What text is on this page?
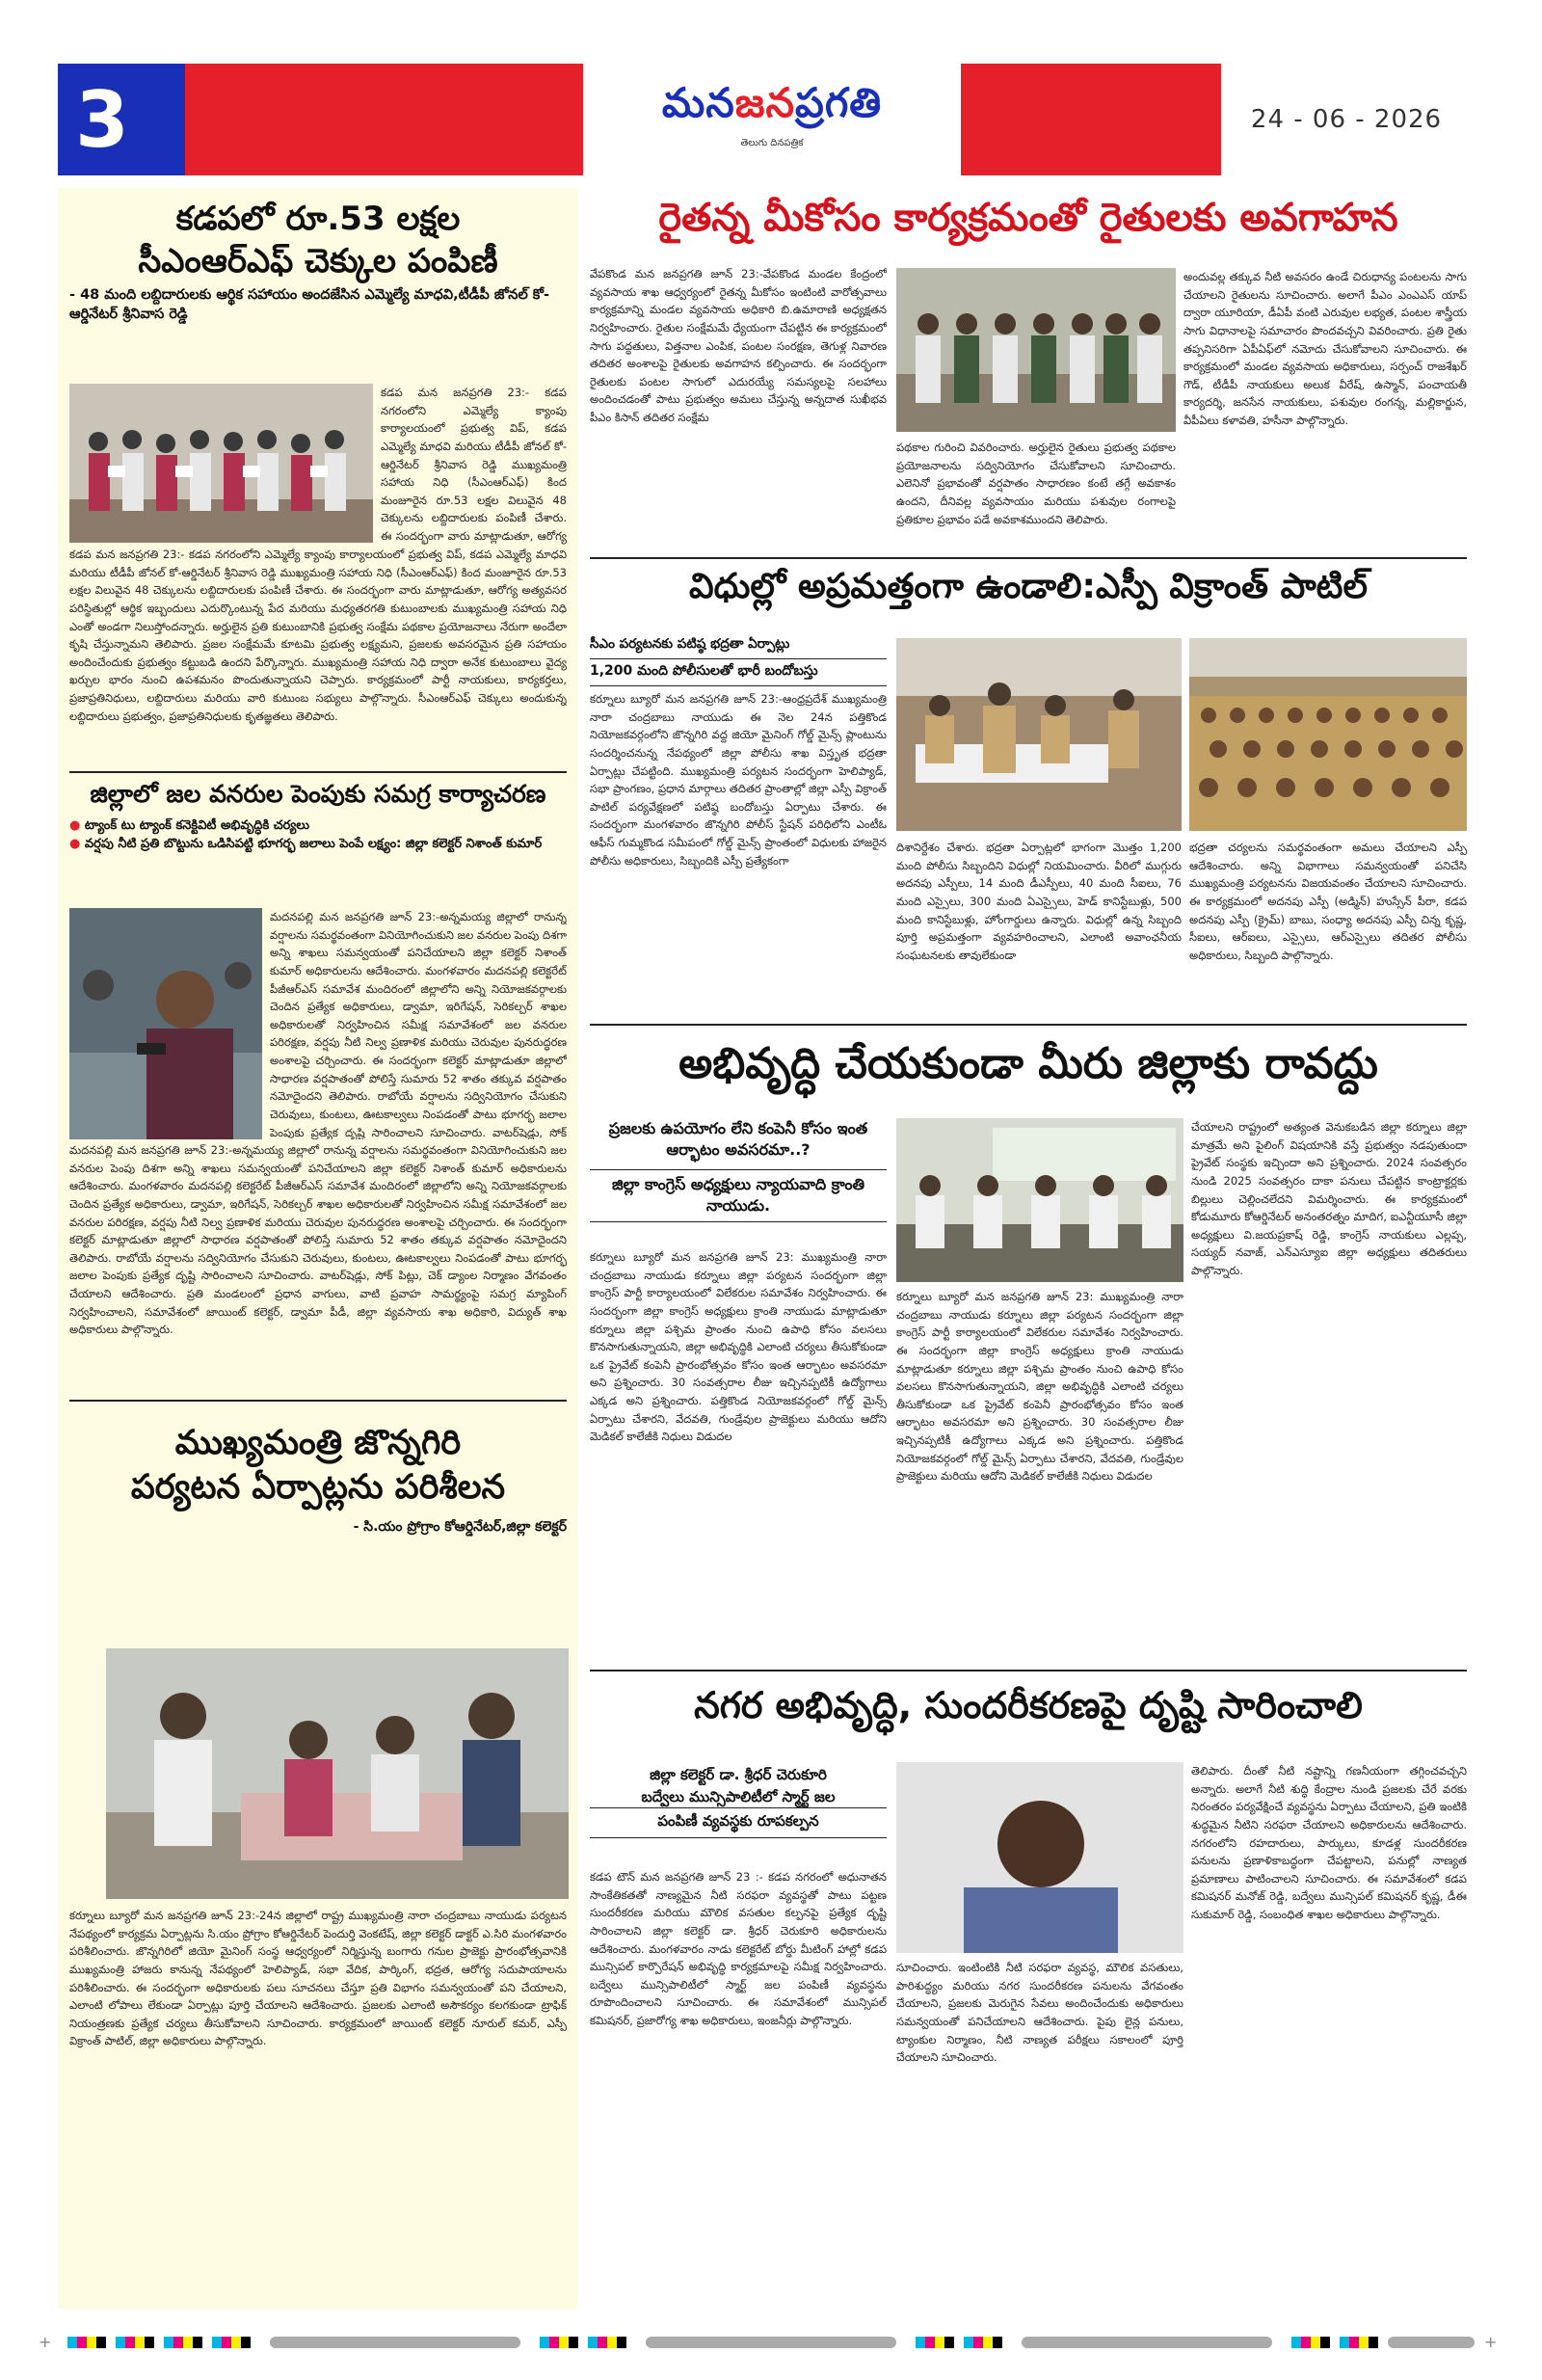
3	మనజనప్రగతి
తెలుగు దినపత్రిక
24 - 06 - 2026
కడపలో రూ.53 లక్షల
సీఎంఆర్ఎఫ్ చెక్కుల పంపిణీ
- 48 మంది లబ్దిదారులకు ఆర్థిక సహాయం అందజేసిన ఎమ్మెల్యే మాధవి,టీడీపీ జోనల్ కో-ఆర్డినేటర్ శ్రీనివాస రెడ్డి
కడప మన జనప్రగతి 23:- కడప నగరంలోని ఎమ్మెల్యే క్యాంపు కార్యాలయంలో ప్రభుత్వ విప్, కడప ఎమ్మెల్యే మాధవి మరియు టీడీపీ జోనల్ కో-ఆర్డినేటర్ శ్రీనివాస రెడ్డి ముఖ్యమంత్రి సహాయ నిధి (సీఎంఆర్ఎఫ్) కింద మంజూరైన రూ.53 లక్షల విలువైన 48 చెక్కులను లబ్దిదారులకు పంపిణీ చేశారు. ఈ సందర్భంగా వారు మాట్లాడుతూ, ఆరోగ్య
కడప మన జనప్రగతి 23:- కడప నగరంలోని ఎమ్మెల్యే క్యాంపు కార్యాలయంలో ప్రభుత్వ విప్, కడప ఎమ్మెల్యే మాధవి మరియు టీడీపీ జోనల్ కో-ఆర్డినేటర్ శ్రీనివాస రెడ్డి ముఖ్యమంత్రి సహాయ నిధి (సీఎంఆర్ఎఫ్) కింద మంజూరైన రూ.53 లక్షల విలువైన 48 చెక్కులను లబ్దిదారులకు పంపిణీ చేశారు. ఈ సందర్భంగా వారు మాట్లాడుతూ, ఆరోగ్య అత్యవసర పరిస్థితుల్లో ఆర్థిక ఇబ్బందులు ఎదుర్కొంటున్న పేద మరియు మధ్యతరగతి కుటుంబాలకు ముఖ్యమంత్రి సహాయ నిధి ఎంతో అండగా నిలుస్తోందన్నారు. అర్హులైన ప్రతి కుటుంబానికి ప్రభుత్వ సంక్షేమ పథకాల ప్రయోజనాలు నేరుగా అందేలా కృషి చేస్తున్నామని తెలిపారు. ప్రజల సంక్షేమమే కూటమి ప్రభుత్వ లక్ష్యమని, ప్రజలకు అవసరమైన ప్రతి సహాయం అందించేందుకు ప్రభుత్వం కట్టుబడి ఉందని పేర్కొన్నారు. ముఖ్యమంత్రి సహాయ నిధి ద్వారా అనేక కుటుంబాలు వైద్య ఖర్చుల భారం నుంచి ఉపశమనం పొందుతున్నాయని చెప్పారు. కార్యక్రమంలో పార్టీ నాయకులు, కార్యకర్తలు, ప్రజాప్రతినిధులు, లబ్దిదారులు మరియు వారి కుటుంబ సభ్యులు పాల్గొన్నారు. సీఎంఆర్ఎఫ్ చెక్కులు అందుకున్న లబ్దిదారులు ప్రభుత్వం, ప్రజాప్రతినిధులకు కృతజ్ఞతలు తెలిపారు.
జిల్లాలో జల వనరుల పెంపుకు సమగ్ర కార్యాచరణ
● ట్యాంక్ టు ట్యాంక్ కనెక్టివిటీ అభివృద్ధికి చర్యలు
● వర్షపు నీటి ప్రతి బొట్టును ఒడిసిపట్టి భూగర్భ జలాలు పెంపే లక్ష్యం: జిల్లా కలెక్టర్ నిశాంత్ కుమార్
మదనపల్లి మన జనప్రగతి జూన్ 23:-అన్నమయ్య జిల్లాలో రానున్న వర్షాలను సమర్థవంతంగా వినియోగించుకుని జల వనరుల పెంపు దిశగా అన్ని శాఖలు సమన్వయంతో పనిచేయాలని జిల్లా కలెక్టర్ నిశాంత్ కుమార్ అధికారులను ఆదేశించారు. మంగళవారం మదనపల్లి కలెక్టరేట్ పీజీఆర్ఎస్ సమావేశ మందిరంలో జిల్లాలోని అన్ని నియోజకవర్గాలకు చెందిన ప్రత్యేక అధికారులు, డ్వామా, ఇరిగేషన్, సెరికల్చర్ శాఖల అధికారులతో నిర్వహించిన సమీక్ష సమావేశంలో జల వనరుల పరిరక్షణ, వర్షపు నీటి నిల్వ ప్రణాళిక మరియు చెరువుల పునరుద్ధరణ అంశాలపై చర్చించారు. ఈ సందర్భంగా కలెక్టర్ మాట్లాడుతూ జిల్లాలో సాధారణ వర్షపాతంతో పోలిస్తే సుమారు 52 శాతం తక్కువ వర్షపాతం నమోదైందని తెలిపారు. రాబోయే వర్షాలను సద్వినియోగం చేసుకుని చెరువులు, కుంటలు, ఊటకాల్వలు నింపడంతో పాటు భూగర్భ జలాల పెంపుకు ప్రత్యేక దృష్టి సారించాలని సూచించారు. వాటర్‌షెడ్లు, సోక్
మదనపల్లి మన జనప్రగతి జూన్ 23:-అన్నమయ్య జిల్లాలో రానున్న వర్షాలను సమర్థవంతంగా వినియోగించుకుని జల వనరుల పెంపు దిశగా అన్ని శాఖలు సమన్వయంతో పనిచేయాలని జిల్లా కలెక్టర్ నిశాంత్ కుమార్ అధికారులను ఆదేశించారు. మంగళవారం మదనపల్లి కలెక్టరేట్ పీజీఆర్ఎస్ సమావేశ మందిరంలో జిల్లాలోని అన్ని నియోజకవర్గాలకు చెందిన ప్రత్యేక అధికారులు, డ్వామా, ఇరిగేషన్, సెరికల్చర్ శాఖల అధికారులతో నిర్వహించిన సమీక్ష సమావేశంలో జల వనరుల పరిరక్షణ, వర్షపు నీటి నిల్వ ప్రణాళిక మరియు చెరువుల పునరుద్ధరణ అంశాలపై చర్చించారు. ఈ సందర్భంగా కలెక్టర్ మాట్లాడుతూ జిల్లాలో సాధారణ వర్షపాతంతో పోలిస్తే సుమారు 52 శాతం తక్కువ వర్షపాతం నమోదైందని తెలిపారు. రాబోయే వర్షాలను సద్వినియోగం చేసుకుని చెరువులు, కుంటలు, ఊటకాల్వలు నింపడంతో పాటు భూగర్భ జలాల పెంపుకు ప్రత్యేక దృష్టి సారించాలని సూచించారు. వాటర్‌షెడ్లు, సోక్ పిట్లు, చెక్ డ్యాంల నిర్మాణం వేగవంతం చేయాలని ఆదేశించారు. ప్రతి మండలంలో ప్రధాన వాగులు, వాటి ప్రవాహ సామర్థ్యంపై సమగ్ర మ్యాపింగ్ నిర్వహించాలని, సమావేశంలో జాయింట్ కలెక్టర్, డ్వామా పీడీ, జిల్లా వ్యవసాయ శాఖ అధికారి, విద్యుత్ శాఖ అధికారులు పాల్గొన్నారు.
ముఖ్యమంత్రి జొన్నగిరి
పర్యటన ఏర్పాట్లను పరిశీలన
- సి.యం ప్రోగ్రాం కోఆర్డినేటర్,జిల్లా కలెక్టర్
కర్నూలు బ్యూరో మన జనప్రగతి జూన్ 23:-24న జిల్లాలో రాష్ట్ర ముఖ్యమంత్రి నారా చంద్రబాబు నాయుడు పర్యటన నేపథ్యంలో కార్యక్రమ ఏర్పాట్లను సి.యం ప్రోగ్రాం కోఆర్డినేటర్ పెందుర్తి వెంకటేష్, జిల్లా కలెక్టర్ డాక్టర్ ఎ.సిరి మంగళవారం పరిశీలించారు. జొన్నగిరిలో జియో మైనింగ్ సంస్థ ఆధ్వర్యంలో నిర్మిస్తున్న బంగారు గనుల ప్రాజెక్టు ప్రారంభోత్సవానికి ముఖ్యమంత్రి హాజరు కానున్న నేపథ్యంలో హెలిప్యాడ్, సభా వేదిక, పార్కింగ్, భద్రత, ఆరోగ్య సదుపాయాలను పరిశీలించారు. ఈ సందర్భంగా అధికారులకు పలు సూచనలు చేస్తూ ప్రతి విభాగం సమన్వయంతో పని చేయాలని, ఎలాంటి లోపాలు లేకుండా ఏర్పాట్లు పూర్తి చేయాలని ఆదేశించారు. ప్రజలకు ఎలాంటి అసౌకర్యం కలగకుండా ట్రాఫిక్ నియంత్రణకు ప్రత్యేక చర్యలు తీసుకోవాలని సూచించారు. కార్యక్రమంలో జాయింట్ కలెక్టర్ నూరుల్ కమర్, ఎస్పీ విక్రాంత్ పాటిల్, జిల్లా అధికారులు పాల్గొన్నారు.
రైతన్న మీకోసం కార్యక్రమంతో రైతులకు అవగాహన
వేపకొండ మన జనప్రగతి జూన్ 23:-వేపకొండ మండల కేంద్రంలో వ్యవసాయ శాఖ ఆధ్వర్యంలో రైతన్న మీకోసం ఇంటింటి వారోత్సవాలు కార్యక్రమాన్ని మండల వ్యవసాయ అధికారి బి.ఉమారాణి అధ్యక్షతన నిర్వహించారు. రైతుల సంక్షేమమే ధ్యేయంగా చేపట్టిన ఈ కార్యక్రమంలో సాగు పద్ధతులు, విత్తనాల ఎంపిక, పంటల సంరక్షణ, తెగుళ్ల నివారణ తదితర అంశాలపై రైతులకు అవగాహన కల్పించారు. ఈ సందర్భంగా రైతులకు పంటల సాగులో ఎదురయ్యే సమస్యలపై సలహాలు అందించడంతో పాటు ప్రభుత్వం అమలు చేస్తున్న అన్నదాత సుఖీభవ పీఎం కిసాన్ తదితర సంక్షేమ
పథకాల గురించి వివరించారు. అర్హులైన రైతులు ప్రభుత్వ పథకాల ప్రయోజనాలను సద్వినియోగం చేసుకోవాలని సూచించారు. ఎలెనినో ప్రభావంతో వర్షపాతం సాధారణం కంటే తగ్గే అవకాశం ఉందని, దీనివల్ల వ్యవసాయం మరియు పశువుల రంగాలపై ప్రతికూల ప్రభావం పడే అవకాశముందని తెలిపారు.
అందువల్ల తక్కువ నీటి అవసరం ఉండే చిరుధాన్య పంటలను సాగు చేయాలని రైతులను సూచించారు. అలాగే పీఎం ఎంఎఎస్ యాప్ ద్వారా యూరియా, డీఏపీ వంటి ఎరువుల లభ్యత, పంటల శాస్త్రీయ సాగు విధానాలపై సమాచారం పొందవచ్చని వివరించారు. ప్రతి రైతు తప్పనిసరిగా ఏపీఏఫ్‌లో నమోదు చేసుకోవాలని సూచించారు. ఈ కార్యక్రమంలో మండల వ్యవసాయ అధికారులు, సర్పంచ్ రాజశేఖర్ గౌడ్, టీడీపీ నాయకులు అలుక వీరేష్, ఉస్మాన్, పంచాయతీ కార్యదర్శి, జనసేన నాయకులు, పశువుల రంగన్న, మల్లికార్జున, వీపీఏలు కళావతి, హసీనా పాల్గొన్నారు.
విధుల్లో అప్రమత్తంగా ఉండాలి:ఎస్పీ విక్రాంత్ పాటిల్
సీఎం పర్యటనకు పటిష్ఠ భద్రతా ఏర్పాట్లు
1,200 మంది పోలీసులతో భారీ బందోబస్తు
కర్నూలు బ్యూరో మన జనప్రగతి జూన్ 23:-ఆంధ్రప్రదేశ్ ముఖ్యమంత్రి నారా చంద్రబాబు నాయుడు ఈ నెల 24న పత్తికొండ నియోజకవర్గంలోని జొన్నగిరి వద్ద జియో మైనింగ్ గోల్డ్ మైన్స్ ప్లాంటును సందర్శించనున్న నేపథ్యంలో జిల్లా పోలీసు శాఖ విస్తృత భద్రతా ఏర్పాట్లు చేపట్టింది. ముఖ్యమంత్రి పర్యటన సందర్భంగా హెలిప్యాడ్, సభా ప్రాంగణం, ప్రధాన మార్గాలు తదితర ప్రాంతాల్లో జిల్లా ఎస్పీ విక్రాంత్ పాటిల్ పర్యవేక్షణలో పటిష్ఠ బందోబస్తు ఏర్పాటు చేశారు. ఈ సందర్భంగా మంగళవారం జొన్నగిరి పోలీస్ స్టేషన్ పరిధిలోని ఎంటీఓ ఆఫీస్ గుమ్మకొండ సమీపంలో గోల్డ్ మైన్స్ ప్రాంతంలో విధులకు హాజరైన పోలీసు అధికారులు, సిబ్బందికి ఎస్పీ ప్రత్యేకంగా
దిశానిర్దేశం చేశారు. భద్రతా ఏర్పాట్లలో భాగంగా మొత్తం 1,200 మంది పోలీసు సిబ్బందిని విధుల్లో నియమించారు. వీరిలో ముగ్గురు అదనపు ఎస్పీలు, 14 మంది డీఎస్పీలు, 40 మంది సీఐలు, 76 మంది ఎస్సైలు, 300 మంది ఏఎస్సైలు, హెడ్ కానిస్టేబుళ్లు, 500 మంది కానిస్టేబుళ్లు, హోంగార్డులు ఉన్నారు. విధుల్లో ఉన్న సిబ్బంది పూర్తి అప్రమత్తంగా వ్యవహరించాలని, ఎలాంటి అవాంఛనీయ సంఘటనలకు తావులేకుండా
భద్రతా చర్యలను సమర్థవంతంగా అమలు చేయాలని ఎస్పీ ఆదేశించారు. అన్ని విభాగాలు సమన్వయంతో పనిచేసి ముఖ్యమంత్రి పర్యటనను విజయవంతం చేయాలని సూచించారు. ఈ కార్యక్రమంలో అదనపు ఎస్పీ (అడ్మిన్) హుస్సేన్ పీరా, కడప అదనపు ఎస్పీ (క్రైమ్) బాబు, సంధ్యా అదనపు ఎస్పీ చిన్న కృష్ణ, సీఐలు, ఆర్ఐలు, ఎస్సైలు, ఆర్ఎస్సైలు తదితర పోలీసు అధికారులు, సిబ్బంది పాల్గొన్నారు.
అభివృద్ధి చేయకుండా మీరు జిల్లాకు రావద్దు
ప్రజలకు ఉపయోగం లేని కంపెనీ కోసం ఇంత ఆర్భాటం అవసరమా..?
జిల్లా కాంగ్రెస్ అధ్యక్షులు న్యాయవాది క్రాంతి నాయుడు.
కర్నూలు బ్యూరో మన జనప్రగతి జూన్ 23: ముఖ్యమంత్రి నారా చంద్రబాబు నాయుడు కర్నూలు జిల్లా పర్యటన సందర్భంగా జిల్లా కాంగ్రెస్ పార్టీ కార్యాలయంలో విలేకరుల సమావేశం నిర్వహించారు. ఈ సందర్భంగా జిల్లా కాంగ్రెస్ అధ్యక్షులు క్రాంతి నాయుడు మాట్లాడుతూ కర్నూలు జిల్లా పశ్చిమ ప్రాంతం నుంచి ఉపాధి కోసం వలసలు కొనసాగుతున్నాయని, జిల్లా అభివృద్ధికి ఎలాంటి చర్యలు తీసుకోకుండా ఒక ప్రైవేట్ కంపెనీ ప్రారంభోత్సవం కోసం ఇంత ఆర్భాటం అవసరమా అని ప్రశ్నించారు. 30 సంవత్సరాల లీజు ఇచ్చినప్పటికీ ఉద్యోగాలు ఎక్కడ అని ప్రశ్నించారు. పత్తికొండ నియోజకవర్గంలో గోల్డ్ మైన్స్ ఏర్పాటు చేశారని, వేదవతి, గుండ్రేవుల ప్రాజెక్టులు మరియు ఆదోని మెడికల్ కాలేజీకి నిధులు విడుదల
కర్నూలు బ్యూరో మన జనప్రగతి జూన్ 23: ముఖ్యమంత్రి నారా చంద్రబాబు నాయుడు కర్నూలు జిల్లా పర్యటన సందర్భంగా జిల్లా కాంగ్రెస్ పార్టీ కార్యాలయంలో విలేకరుల సమావేశం నిర్వహించారు. ఈ సందర్భంగా జిల్లా కాంగ్రెస్ అధ్యక్షులు క్రాంతి నాయుడు మాట్లాడుతూ కర్నూలు జిల్లా పశ్చిమ ప్రాంతం నుంచి ఉపాధి కోసం వలసలు కొనసాగుతున్నాయని, జిల్లా అభివృద్ధికి ఎలాంటి చర్యలు తీసుకోకుండా ఒక ప్రైవేట్ కంపెనీ ప్రారంభోత్సవం కోసం ఇంత ఆర్భాటం అవసరమా అని ప్రశ్నించారు. 30 సంవత్సరాల లీజు ఇచ్చినప్పటికీ ఉద్యోగాలు ఎక్కడ అని ప్రశ్నించారు. పత్తికొండ నియోజకవర్గంలో గోల్డ్ మైన్స్ ఏర్పాటు చేశారని, వేదవతి, గుండ్రేవుల ప్రాజెక్టులు మరియు ఆదోని మెడికల్ కాలేజీకి నిధులు విడుదల
చేయాలని రాష్ట్రంలో అత్యంత వెనుకబడిన జిల్లా కర్నూలు జిల్లా మాత్రమే అని పైలింగ్ విషయానికి వస్తే ప్రభుత్వం నడపుతుందా ప్రైవేట్ సంస్థకు ఇచ్చిందా అని ప్రశ్నించారు. 2024 సంవత్సరం నుండి 2025 సంవత్సరం దాకా పనులు చేపట్టిన కాంట్రాక్టర్లకు బిల్లులు చెల్లించలేదని విమర్శించారు. ఈ కార్యక్రమంలో కోడుమూరు కోఆర్డినేటర్ అనంతరత్నం మాదిగ, ఐఎన్టీయూసీ జిల్లా అధ్యక్షులు వి.జయప్రకాష్ రెడ్డి, కాంగ్రెస్ నాయకులు ఎల్లప్ప, సయ్యద్ నవాజ్, ఎన్ఎస్యూఐ జిల్లా అధ్యక్షులు తదితరులు పాల్గొన్నారు.
నగర అభివృద్ధి, సుందరీకరణపై దృష్టి సారించాలి
జిల్లా కలెక్టర్ డా. శ్రీధర్ చెరుకూరి
బద్వేలు మున్సిపాలిటీలో స్మార్ట్ జల
పంపిణీ వ్యవస్థకు రూపకల్పన
కడప టౌన్ మన జనప్రగతి జూన్ 23 :- కడప నగరంలో అధునాతన సాంకేతికతతో నాణ్యమైన నీటి సరఫరా వ్యవస్థతో పాటు పట్టణ సుందరీకరణ మరియు మౌలిక వసతుల కల్పనపై ప్రత్యేక దృష్టి సారించాలని జిల్లా కలెక్టర్ డా. శ్రీధర్ చెరుకూరి అధికారులను ఆదేశించారు. మంగళవారం నాడు కలెక్టరేట్ బోర్డు మీటింగ్ హాల్లో కడప మున్సిపల్ కార్పొరేషన్ అభివృద్ధి కార్యక్రమాలపై సమీక్ష నిర్వహించారు. బద్వేలు మున్సిపాలిటీలో స్మార్ట్ జల పంపిణీ వ్యవస్థను రూపొందించాలని సూచించారు. ఈ సమావేశంలో మున్సిపల్ కమిషనర్, ప్రజారోగ్య శాఖ అధికారులు, ఇంజనీర్లు పాల్గొన్నారు.
సూచించారు. ఇంటింటికి నీటి సరఫరా వ్యవస్థ, మౌలిక వసతులు, పారిశుద్ధ్యం మరియు నగర సుందరీకరణ పనులను వేగవంతం చేయాలని, ప్రజలకు మెరుగైన సేవలు అందించేందుకు అధికారులు సమన్వయంతో పనిచేయాలని ఆదేశించారు. పైపు లైన్ల పనులు, ట్యాంకుల నిర్మాణం, నీటి నాణ్యత పరీక్షలు సకాలంలో పూర్తి చేయాలని సూచించారు.
తెలిపారు. దీంతో నీటి నష్టాన్ని గణనీయంగా తగ్గించవచ్చని అన్నారు. అలాగే నీటి శుద్ధి కేంద్రాల నుండి ప్రజలకు చేరే వరకు నిరంతరం పర్యవేక్షించే వ్యవస్థను ఏర్పాటు చేయాలని, ప్రతి ఇంటికి శుద్ధమైన నీటిని సరఫరా చేయాలని అధికారులను ఆదేశించారు. నగరంలోని రహదారులు, పార్కులు, కూడళ్ల సుందరీకరణ పనులను ప్రణాళికాబద్ధంగా చేపట్టాలని, పనుల్లో నాణ్యత ప్రమాణాలు పాటించాలని సూచించారు. ఈ సమావేశంలో కడప కమిషనర్ మనోజ్ రెడ్డి, బద్వేలు మున్సిపల్ కమిషనర్ కృష్ణ, డీఈ సుకుమార్ రెడ్డి, సంబంధిత శాఖల అధికారులు పాల్గొన్నారు.
+	+
